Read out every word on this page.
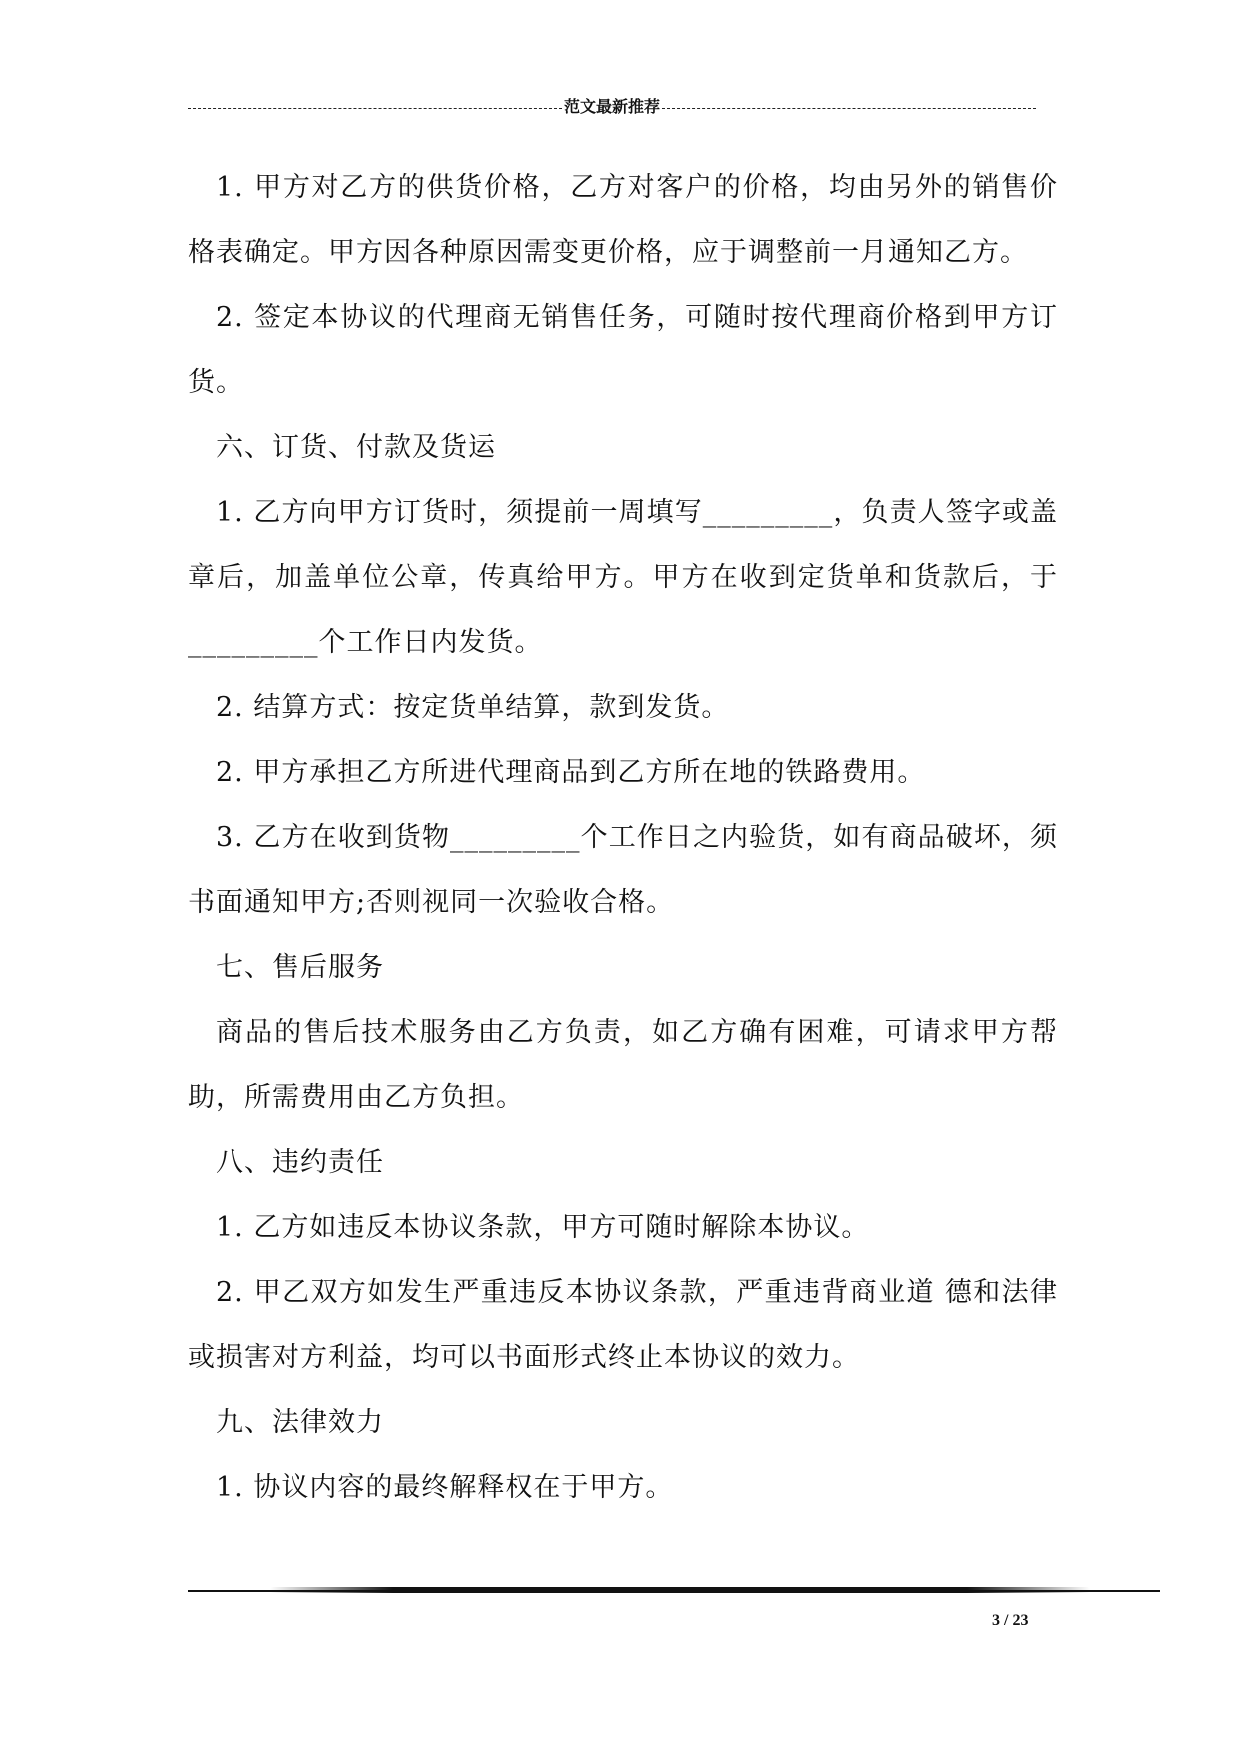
范文最新推荐

1. 甲方对乙方的供货价格，乙方对客户的价格，均由另外的销售价格表确定。甲方因各种原因需变更价格，应于调整前一月通知乙方。

2. 签定本协议的代理商无销售任务，可随时按代理商价格到甲方订货。

六、订货、付款及货运

1. 乙方向甲方订货时，须提前一周填写_________，负责人签字或盖章后，加盖单位公章，传真给甲方。甲方在收到定货单和货款后，于_________个工作日内发货。

2. 结算方式：按定货单结算，款到发货。

2. 甲方承担乙方所进代理商品到乙方所在地的铁路费用。

3. 乙方在收到货物_________个工作日之内验货，如有商品破坏，须书面通知甲方;否则视同一次验收合格。

七、售后服务

商品的售后技术服务由乙方负责，如乙方确有困难，可请求甲方帮助，所需费用由乙方负担。

八、违约责任

1. 乙方如违反本协议条款，甲方可随时解除本协议。

2. 甲乙双方如发生严重违反本协议条款，严重违背商业道 德和法律或损害对方利益，均可以书面形式终止本协议的效力。

九、法律效力

1. 协议内容的最终解释权在于甲方。

3 / 23
